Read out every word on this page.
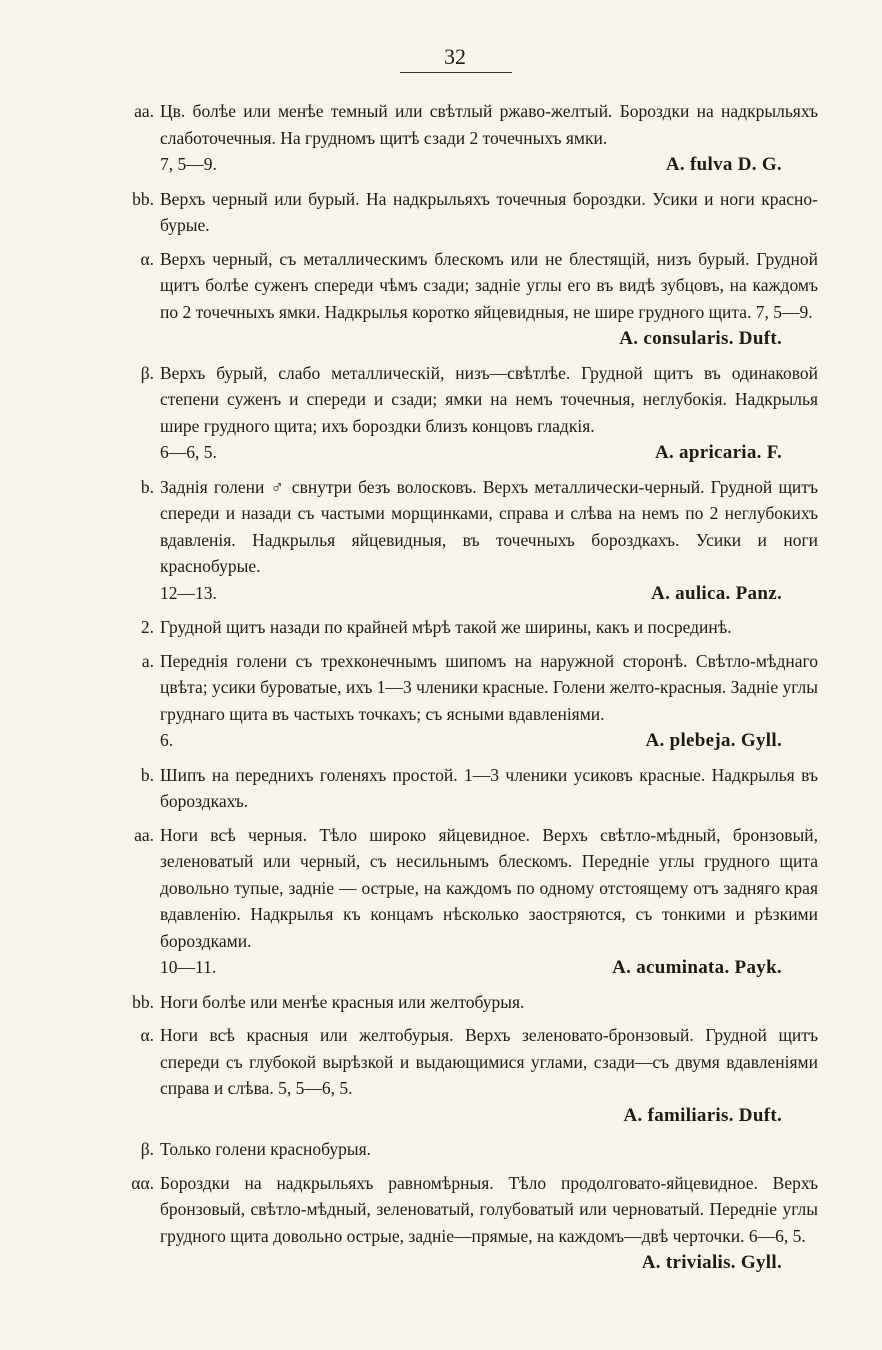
32
аа. Цв. болѣе или менѣе темный или свѣтлый ржаво-желтый. Бороздки на надкрыльяхъ слаботочечныя. На грудномъ щитѣ сзади 2 точечныхъ ямки.

7, 5—9.	A. fulva D. G.
bb. Верхъ черный или бурый. На надкрыльяхъ точечныя бороздки. Усики и ноги красно-бурые.

α. Верхъ черный, съ металлическимъ блескомъ или не блестящій, низъ бурый. Грудной щитъ болѣе суженъ спереди чѣмъ сзади; заднiе углы его въ видѣ зубцовъ, на каждомъ по 2 точечныхъ ямки. Надкрылья коротко яйцевидныя, не шире грудного щита. 7, 5—9.

A. consularis. Duft.
β. Верхъ бурый, слабо металлическій, низъ—свѣтлѣе. Грудной щитъ въ одинаковой степени суженъ и спереди и сзади; ямки на немъ точечныя, неглубокія. Надкрылья шире грудного щита; ихъ бороздки близъ концовъ гладкія.

6—6, 5.	A. apricaria. F.
b. Заднія голени ♂ свнутри безъ волосковъ. Верхъ металлически-черный. Грудной щитъ спереди и назади съ частыми морщинками, справа и слѣва на немъ по 2 неглубокихъ вдавленія. Надкрылья яйцевидныя, въ точечныхъ бороздкахъ. Усики и ноги краснобурые.

12—13.	A. aulica. Panz.
2. Грудной щитъ назади по крайней мѣрѣ такой же ширины, какъ и посрединѣ.

a. Переднія голени съ трехконечнымъ шипомъ на наружной сторонѣ. Свѣтло-мѣднаго цвѣта; усики буроватые, ихъ 1—3 членики красные. Голени желто-красныя. Задніе углы груднаго щита въ частыхъ точкахъ; съ ясными вдавленіями.

6.	A. plebeja. Gyll.
b. Шипъ на переднихъ голеняхъ простой. 1—3 членики усиковъ красные. Надкрылья въ бороздкахъ.

aa. Ноги всѣ черныя. Тѣло широко яйцевидное. Верхъ свѣтло-мѣдный, бронзовый, зеленоватый или черный, съ несильнымъ блескомъ. Передніе углы грудного щита довольно тупые, задніе — острые, на каждомъ по одному отстоящему отъ задняго края вдавленію. Надкрылья къ концамъ нѣсколько заостряются, съ тонкими и рѣзкими бороздками.

10—11.	A. acuminata. Payk.
bb. Ноги болѣе или менѣе красныя или желтобурыя.

α. Ноги всѣ красныя или желтобурыя. Верхъ зеленовато-бронзовый. Грудной щитъ спереди съ глубокой вырѣзкой и выдающимися углами, сзади—съ двумя вдавленіями справа и слѣва. 5, 5—6, 5.

A. familiaris. Duft.
β. Только голени краснобурыя.

αα. Бороздки на надкрыльяхъ равномѣрныя. Тѣло продолговато-яйцевидное. Верхъ бронзовый, свѣтло-мѣдный, зеленоватый, голубоватый или черноватый. Передніе углы грудного щита довольно острые, задніе—прямые, на каждомъ—двѣ черточки. 6—6, 5.

A. trivialis. Gyll.
